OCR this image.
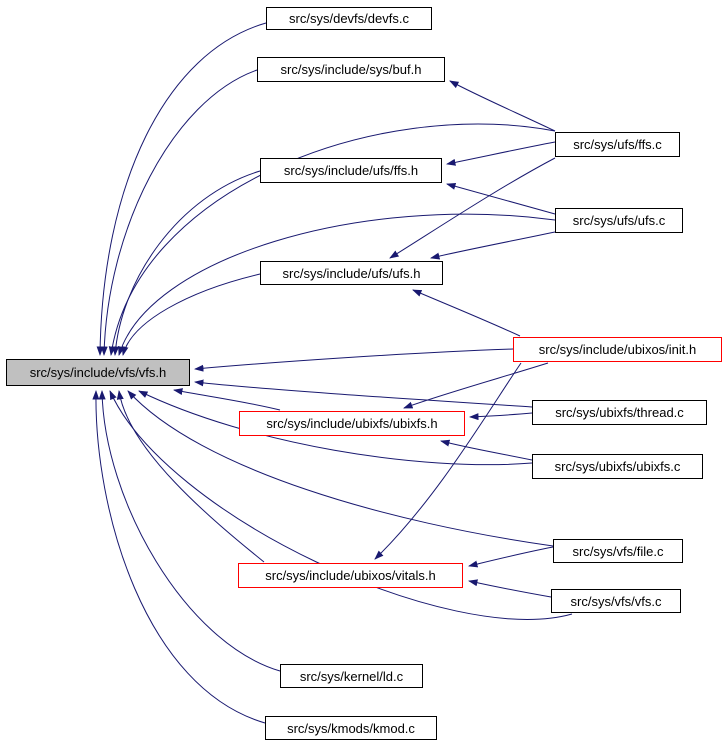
src/sys/devfs/devfs.c
src/sys/include/sys/buf.h
src/sys/ufs/ffs.c
src/sys/include/ufs/ffs.h
src/sys/ufs/ufs.c
src/sys/include/ufs/ufs.h
src/sys/include/ubixos/init.h
src/sys/include/vfs/vfs.h
src/sys/ubixfs/thread.c
src/sys/include/ubixfs/ubixfs.h
src/sys/ubixfs/ubixfs.c
src/sys/vfs/file.c
src/sys/include/ubixos/vitals.h
src/sys/vfs/vfs.c
src/sys/kernel/ld.c
src/sys/kmods/kmod.c
